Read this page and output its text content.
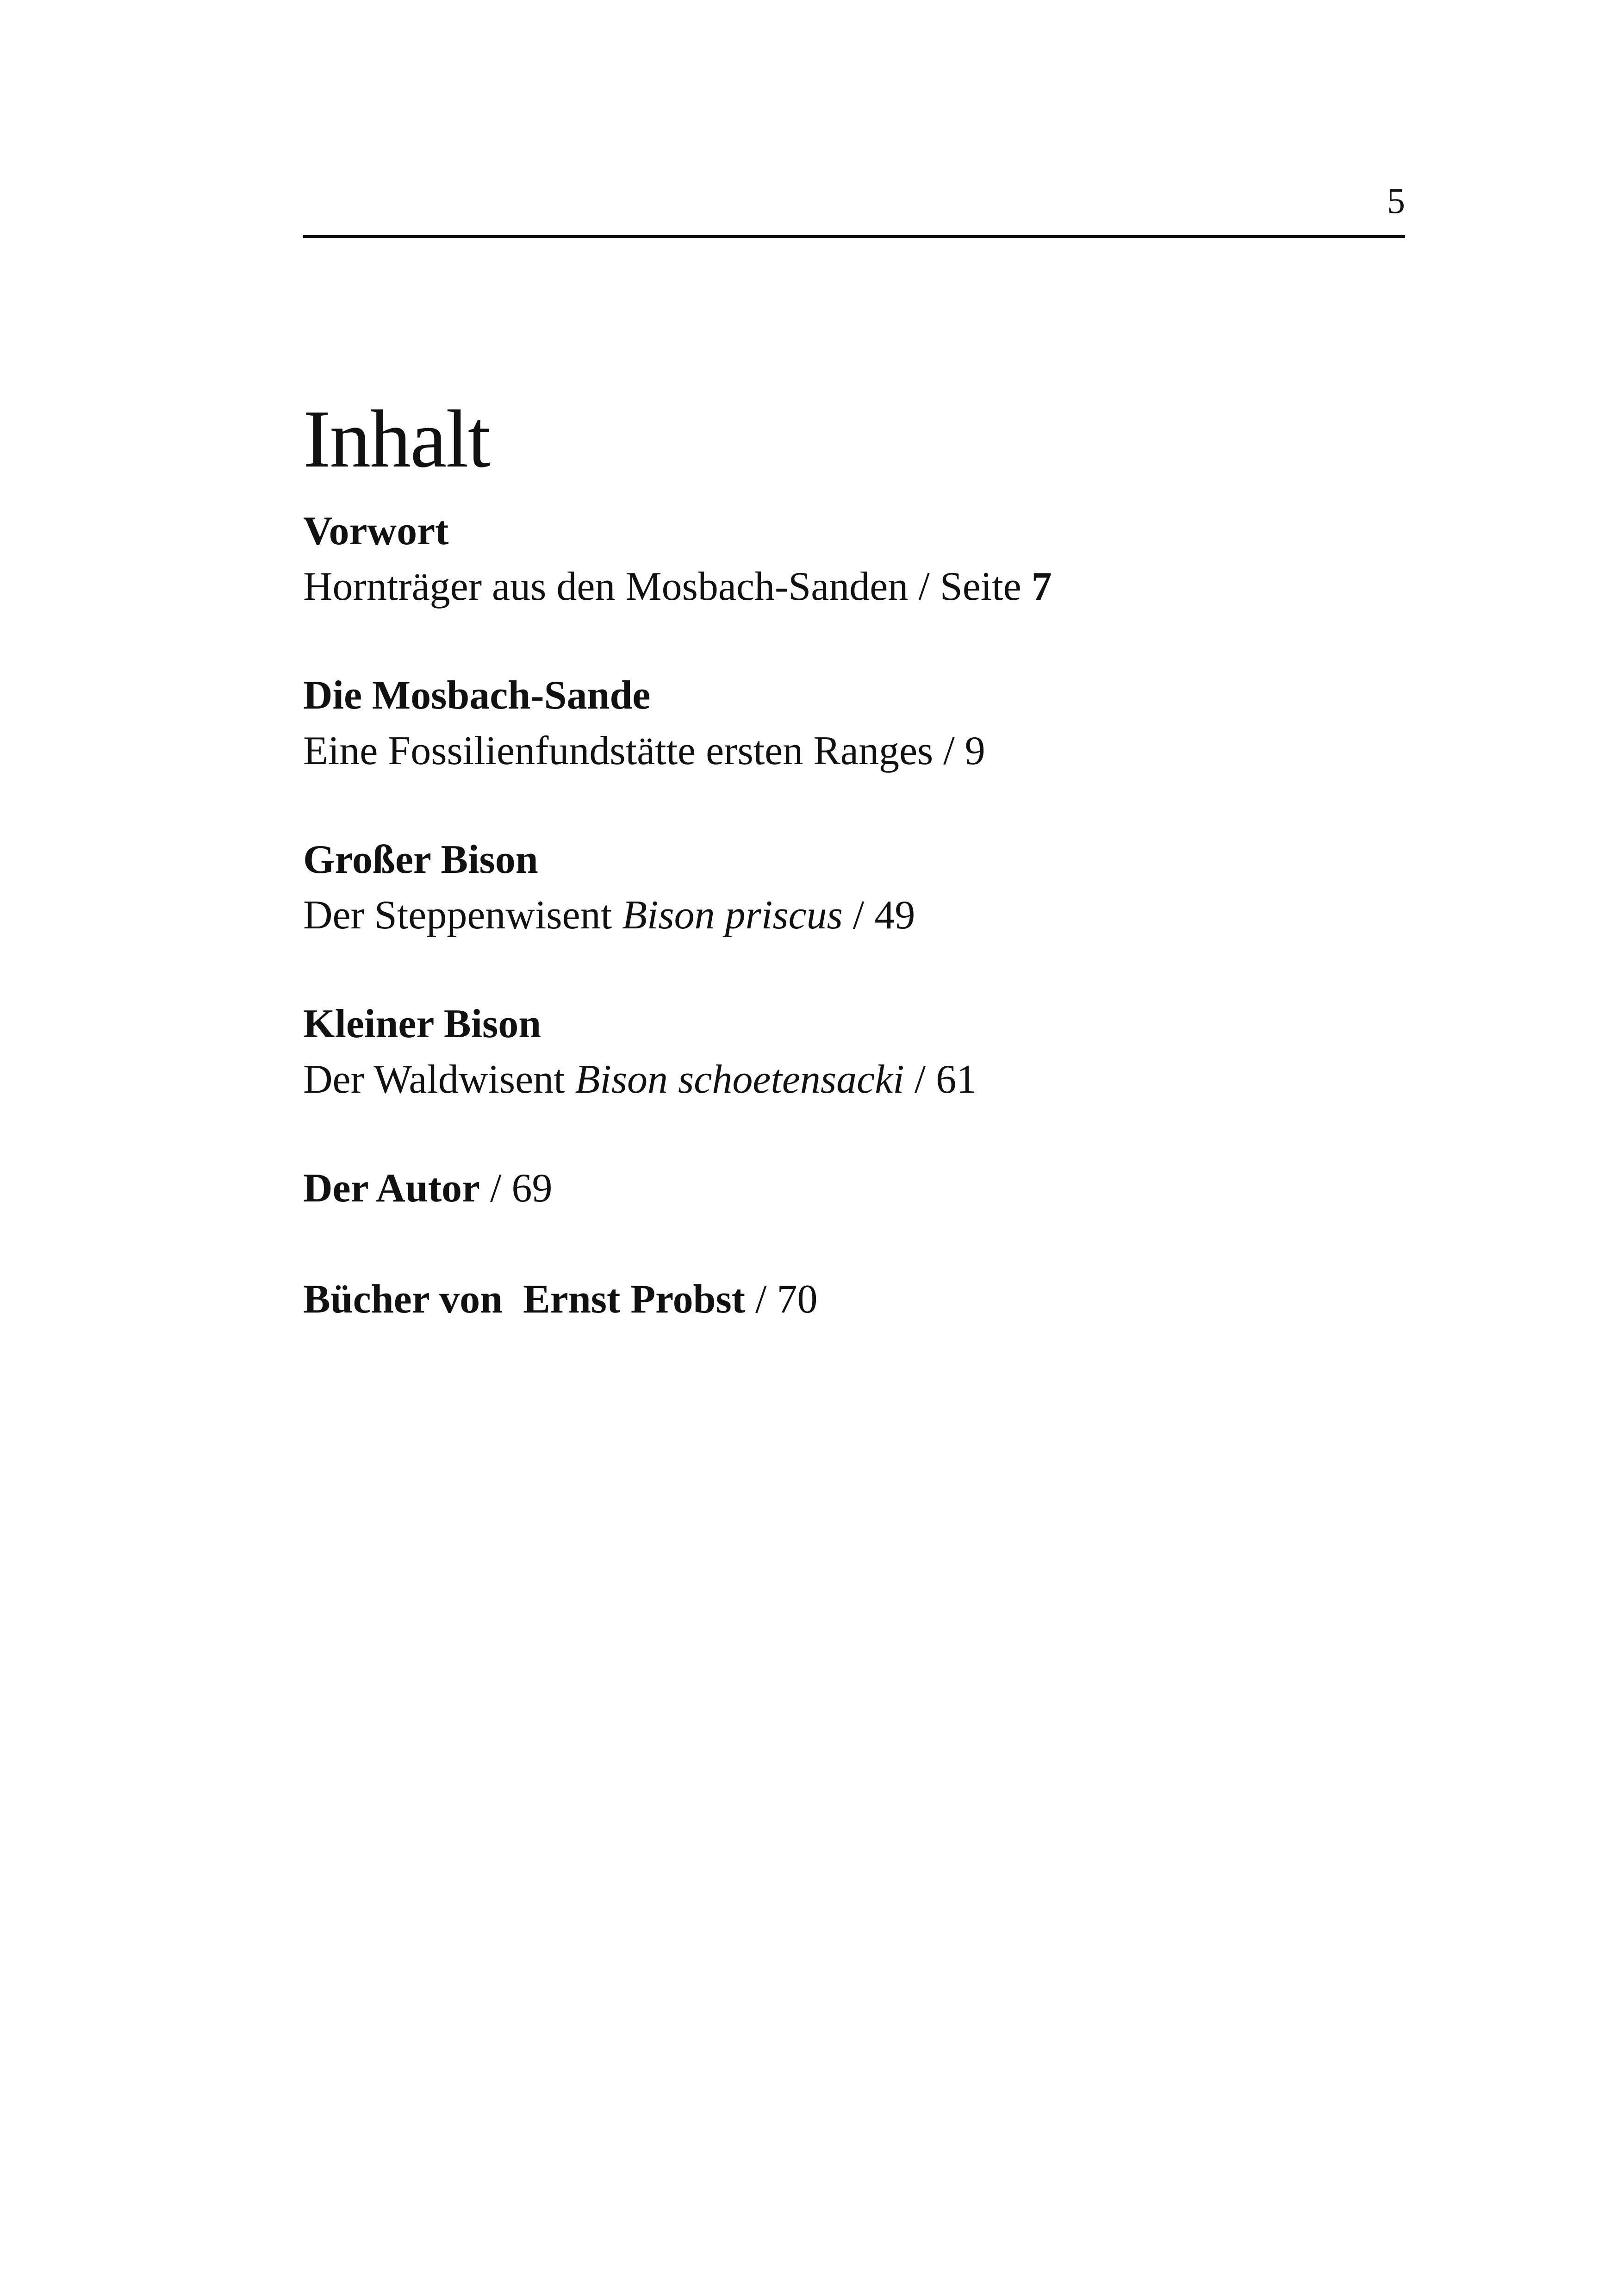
5
Inhalt
Vorwort
Hornträger aus den Mosbach-Sanden / Seite 7
Die Mosbach-Sande
Eine Fossilienfundstätte ersten Ranges / 9
Großer Bison
Der Steppenwisent Bison priscus / 49
Kleiner Bison
Der Waldwisent Bison schoetensacki / 61
Der Autor / 69
Bücher von  Ernst Probst / 70
